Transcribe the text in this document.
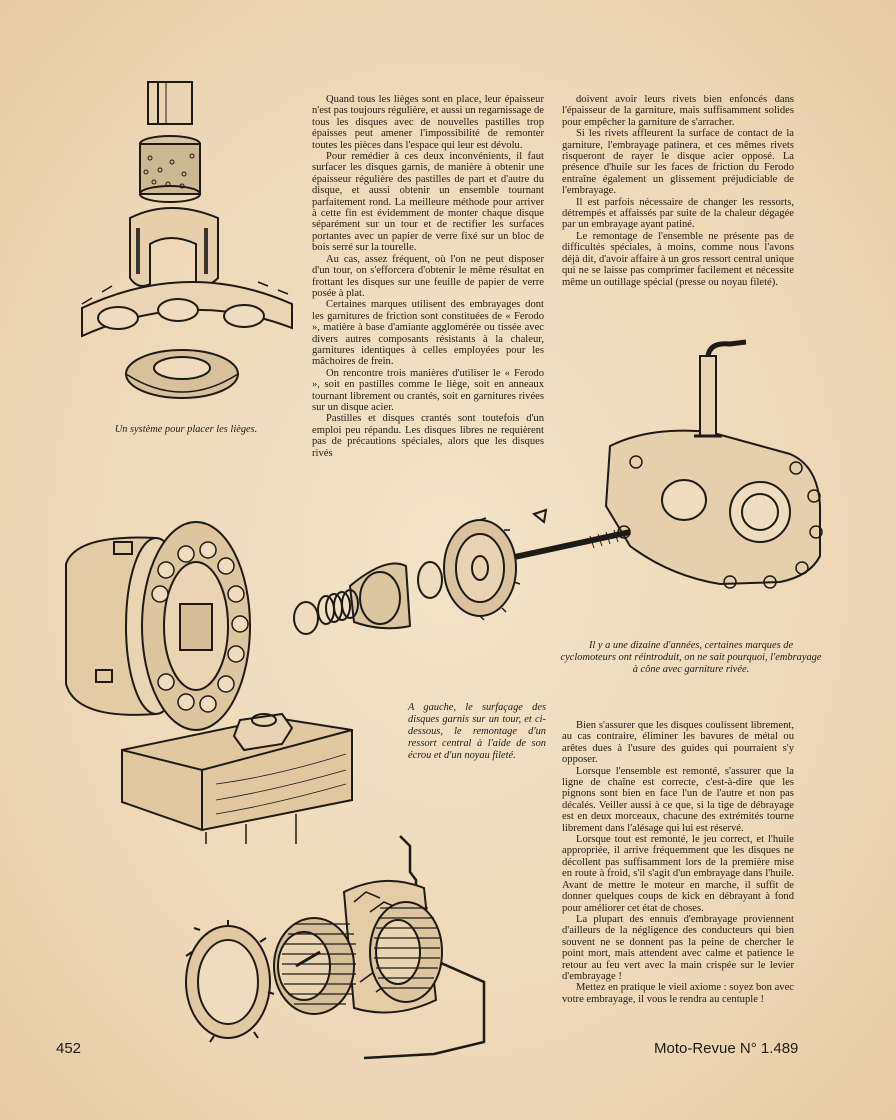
Un système pour placer les lièges.

Quand tous les lièges sont en place, leur épaisseur n'est pas toujours régulière, et aussi un regarnissage de tous les disques avec de nouvelles pastilles trop épaisses peut amener l'impossibilité de remonter toutes les pièces dans l'espace qui leur est dévolu.

Pour remédier à ces deux inconvénients, il faut surfacer les disques garnis, de manière à obtenir une épaisseur régulière des pastilles de part et d'autre du disque, et aussi obtenir un ensemble tournant parfaitement rond. La meilleure méthode pour arriver à cette fin est évidemment de monter chaque disque séparément sur un tour et de rectifier les surfaces portantes avec un papier de verre fixé sur un bloc de bois serré sur la tourelle.

Au cas, assez fréquent, où l'on ne peut disposer d'un tour, on s'efforcera d'obtenir le même résultat en frottant les disques sur une feuille de papier de verre posée à plat.

Certaines marques utilisent des embrayages dont les garnitures de friction sont constituées de « Ferodo », matière à base d'amiante agglomérée ou tissée avec divers autres composants résistants à la chaleur, garnitures identiques à celles employées pour les mâchoires de frein.

On rencontre trois manières d'utiliser le « Ferodo », soit en pastilles comme le liège, soit en anneaux tournant librement ou crantés, soit en garnitures rivées sur un disque acier.

Pastilles et disques crantés sont toutefois d'un emploi peu répandu. Les disques libres ne requièrent pas de précautions spéciales, alors que les disques rivés

doivent avoir leurs rivets bien enfoncés dans l'épaisseur de la garniture, mais suffisamment solides pour empêcher la garniture de s'arracher.

Si les rivets affleurent la surface de contact de la garniture, l'embrayage patinera, et ces mêmes rivets risqueront de rayer le disque acier opposé. La présence d'huile sur les faces de friction du Ferodo entraîne également un glissement préjudiciable de l'embrayage.

Il est parfois nécessaire de changer les ressorts, détrempés et affaissés par suite de la chaleur dégagée par un embrayage ayant patiné.

Le remontage de l'ensemble ne présente pas de difficultés spéciales, à moins, comme nous l'avons déjà dit, d'avoir affaire à un gros ressort central unique qui ne se laisse pas comprimer facilement et nécessite même un outillage spécial (presse ou noyau fileté).

Il y a une dizaine d'années, certaines marques de cyclomoteurs ont réintroduit, on ne sait pourquoi, l'embrayage à cône avec garniture rivée.
A gauche, le surfaçage des disques garnis sur un tour, et ci-dessous, le remontage d'un ressort central à l'aide de son écrou et d'un noyau fileté.

Bien s'assurer que les disques coulissent librement, au cas contraire, éliminer les bavures de métal ou arêtes dues à l'usure des guides qui pourraient s'y opposer.

Lorsque l'ensemble est remonté, s'assurer que la ligne de chaîne est correcte, c'est-à-dire que les pignons sont bien en face l'un de l'autre et non pas décalés. Veiller aussi à ce que, si la tige de débrayage est en deux morceaux, chacune des extrémités tourne librement dans l'alésage qui lui est réservé.

Lorsque tout est remonté, le jeu correct, et l'huile appropriée, il arrive fréquemment que les disques ne décollent pas suffisamment lors de la première mise en route à froid, s'il s'agit d'un embrayage dans l'huile. Avant de mettre le moteur en marche, il suffit de donner quelques coups de kick en débrayant à fond pour améliorer cet état de choses.

La plupart des ennuis d'embrayage proviennent d'ailleurs de la négligence des conducteurs qui bien souvent ne se donnent pas la peine de chercher le point mort, mais attendent avec calme et patience le retour au feu vert avec la main crispée sur le levier d'embrayage !

Mettez en pratique le vieil axiome : soyez bon avec votre embrayage, il vous le rendra au centuple !

452	Moto-Revue N° 1.489
